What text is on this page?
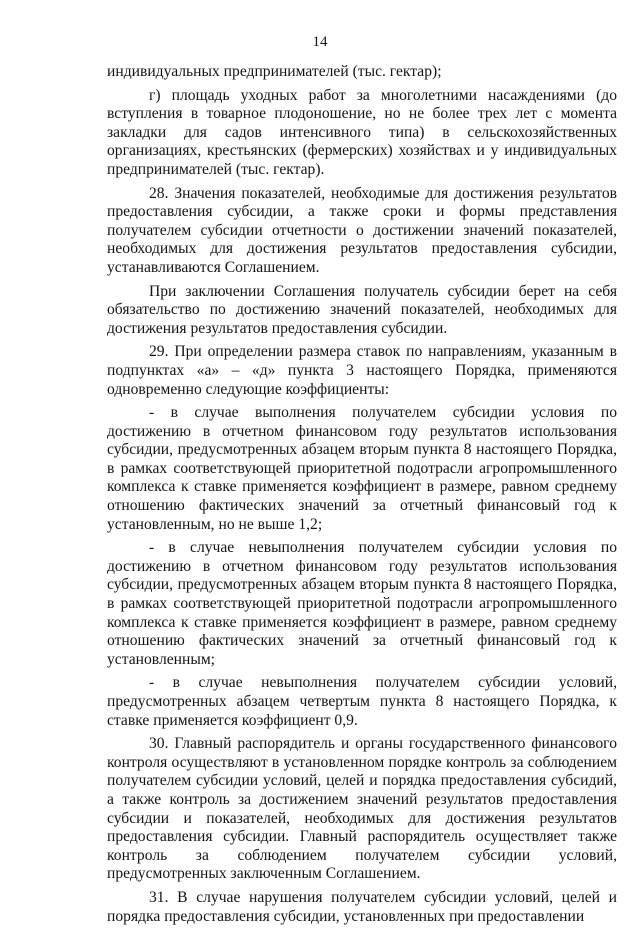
14

индивидуальных предпринимателей (тыс. гектар);

г) площадь уходных работ за многолетними насаждениями (до вступления в товарное плодоношение, но не более трех лет с момента закладки для садов интенсивного типа) в сельскохозяйственных организациях, крестьянских (фермерских) хозяйствах и у индивидуальных предпринимателей (тыс. гектар).

28. Значения показателей, необходимые для достижения результатов предоставления субсидии, а также сроки и формы представления получателем субсидии отчетности о достижении значений показателей, необходимых для достижения результатов предоставления субсидии, устанавливаются Соглашением.

При заключении Соглашения получатель субсидии берет на себя обязательство по достижению значений показателей, необходимых для достижения результатов предоставления субсидии.

29. При определении размера ставок по направлениям, указанным в подпунктах «а» – «д» пункта 3 настоящего Порядка, применяются одновременно следующие коэффициенты:

- в случае выполнения получателем субсидии условия по достижению в отчетном финансовом году результатов использования субсидии, предусмотренных абзацем вторым пункта 8 настоящего Порядка, в рамках соответствующей приоритетной подотрасли агропромышленного комплекса к ставке применяется коэффициент в размере, равном среднему отношению фактических значений за отчетный финансовый год к установленным, но не выше 1,2;

- в случае невыполнения получателем субсидии условия по достижению в отчетном финансовом году результатов использования субсидии, предусмотренных абзацем вторым пункта 8 настоящего Порядка, в рамках соответствующей приоритетной подотрасли агропромышленного комплекса к ставке применяется коэффициент в размере, равном среднему отношению фактических значений за отчетный финансовый год к установленным;

- в случае невыполнения получателем субсидии условий, предусмотренных абзацем четвертым пункта 8 настоящего Порядка, к ставке применяется коэффициент 0,9.

30. Главный распорядитель и органы государственного финансового контроля осуществляют в установленном порядке контроль за соблюдением получателем субсидии условий, целей и порядка предоставления субсидий, а также контроль за достижением значений результатов предоставления субсидии и показателей, необходимых для достижения результатов предоставления субсидии. Главный распорядитель осуществляет также контроль за соблюдением получателем субсидии условий, предусмотренных заключенным Соглашением.

31. В случае нарушения получателем субсидии условий, целей и порядка предоставления субсидии, установленных при предоставлении
